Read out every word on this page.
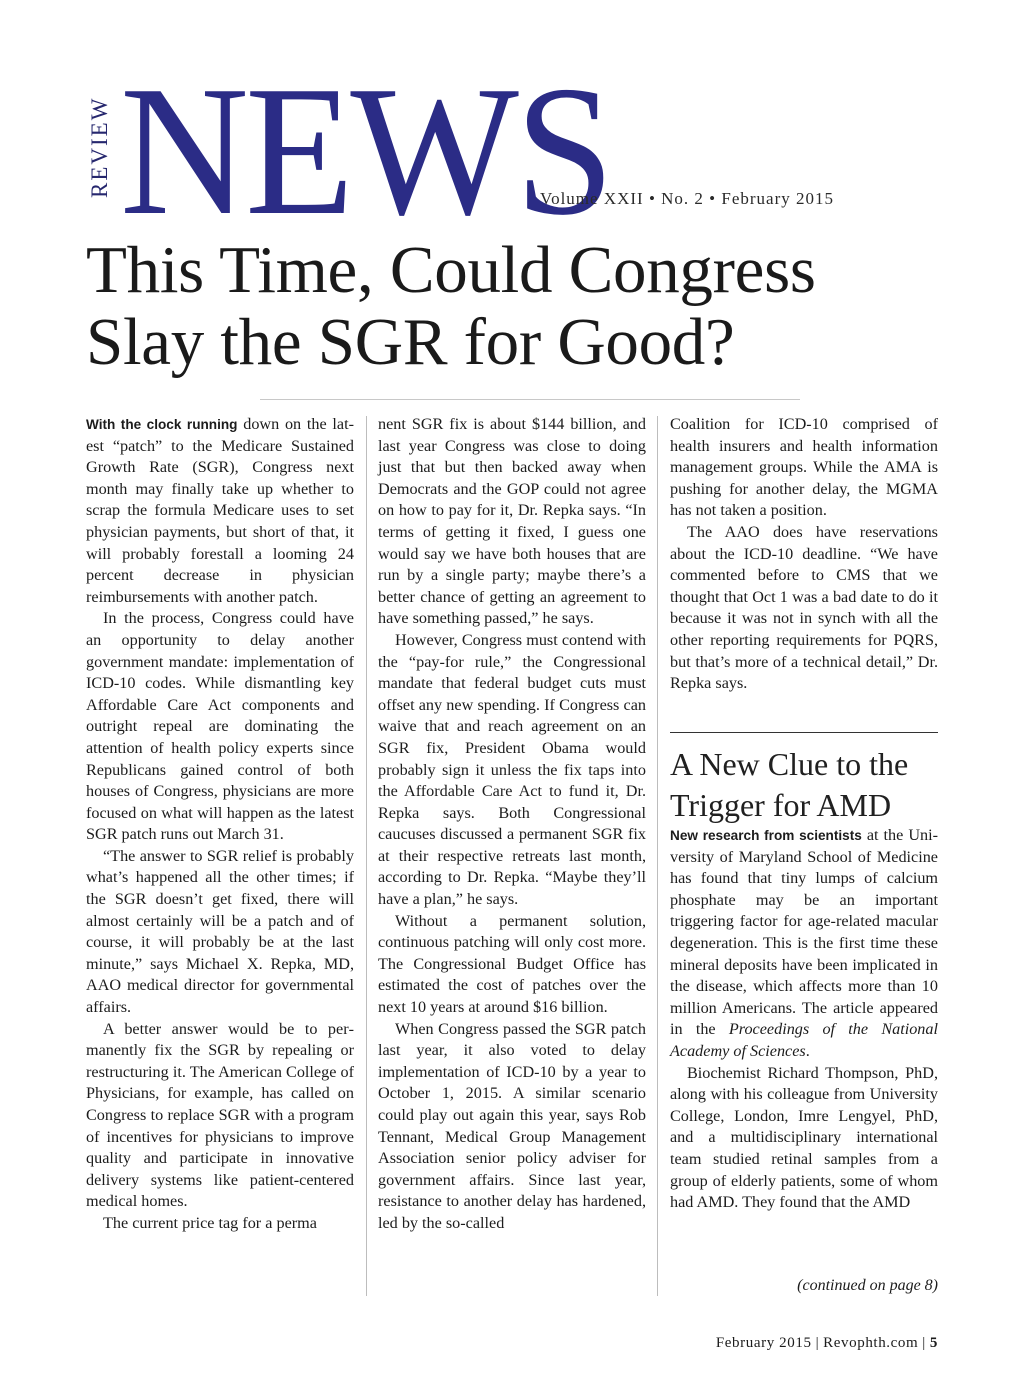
REVIEW NEWS
Volume XXII • No. 2 • February 2015
This Time, Could Congress
Slay the SGR for Good?

With the clock running down on the latest “patch” to the Medicare Sustained Growth Rate (SGR), Congress next month may finally take up whether to scrap the formula Medicare uses to set physician payments, but short of that, it will probably forestall a looming 24 percent decrease in physician reimbursements with another patch.

In the process, Congress could have an opportunity to delay another government mandate: implementation of ICD-10 codes. While dismantling key Affordable Care Act components and outright repeal are dominating the attention of health policy experts since Republicans gained control of both houses of Congress, physicians are more focused on what will happen as the latest SGR patch runs out March 31.

“The answer to SGR relief is probably what’s happened all the other times; if the SGR doesn’t get fixed, there will almost certainly will be a patch and of course, it will probably be at the last minute,” says Michael X. Repka, MD, AAO medical director for governmental affairs.

A better answer would be to permanently fix the SGR by repealing or restructuring it. The American College of Physicians, for example, has called on Congress to replace SGR with a program of incentives for physicians to improve quality and participate in innovative delivery systems like patient-centered medical homes.

The current price tag for a perma

nent SGR fix is about $144 billion, and last year Congress was close to doing just that but then backed away when Democrats and the GOP could not agree on how to pay for it, Dr. Repka says. “In terms of getting it fixed, I guess one would say we have both houses that are run by a single party; maybe there’s a better chance of getting an agreement to have something passed,” he says.

However, Congress must contend with the “pay-for rule,” the Congressional mandate that federal budget cuts must offset any new spending. If Congress can waive that and reach agreement on an SGR fix, President Obama would probably sign it unless the fix taps into the Affordable Care Act to fund it, Dr. Repka says. Both Congressional caucuses discussed a permanent SGR fix at their respective retreats last month, according to Dr. Repka. “Maybe they’ll have a plan,” he says.

Without a permanent solution, continuous patching will only cost more. The Congressional Budget Office has estimated the cost of patches over the next 10 years at around $16 billion.

When Congress passed the SGR patch last year, it also voted to delay implementation of ICD-10 by a year to October 1, 2015. A similar scenario could play out again this year, says Rob Tennant, Medical Group Management Association senior policy adviser for government affairs. Since last year, resistance to another delay has hardened, led by the so-called

Coalition for ICD-10 comprised of health insurers and health information management groups. While the AMA is pushing for another delay, the MGMA has not taken a position.

The AAO does have reservations about the ICD-10 deadline. “We have commented before to CMS that we thought that Oct 1 was a bad date to do it because it was not in synch with all the other reporting requirements for PQRS, but that’s more of a technical detail,” Dr. Repka says.

A New Clue to the Trigger for AMD

New research from scientists at the University of Maryland School of Medicine has found that tiny lumps of calcium phosphate may be an important triggering factor for age-related macular degeneration. This is the first time these mineral deposits have been implicated in the disease, which affects more than 10 million Americans. The article appeared in the Proceedings of the National Academy of Sciences.

Biochemist Richard Thompson, PhD, along with his colleague from University College, London, Imre Lengyel, PhD, and a multidisciplinary international team studied retinal samples from a group of elderly patients, some of whom had AMD. They found that the AMD

(continued on page 8)
February 2015 | Revophth.com | 5
